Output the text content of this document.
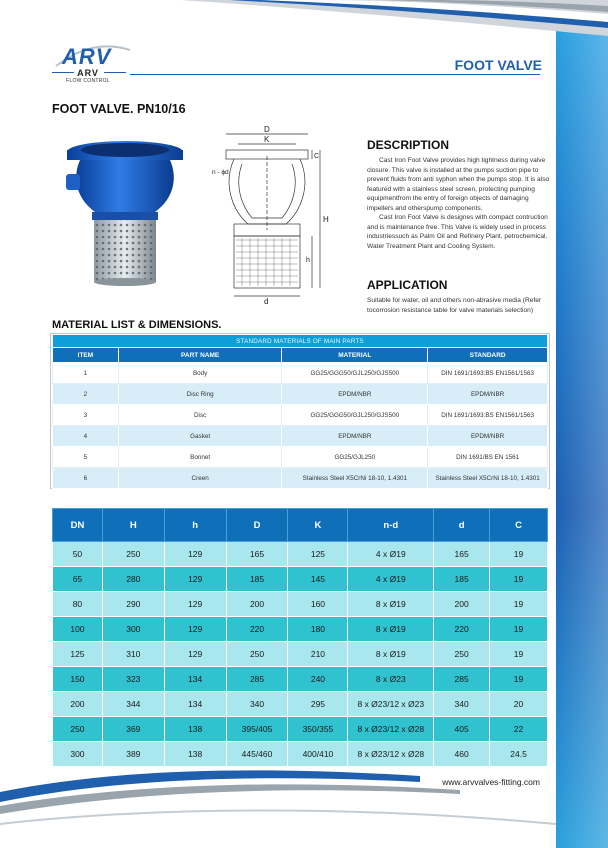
ARV
ARV
FLOW CONTROL
FOOT VALVE
FOOT VALVE. PN10/16
D
K
C
n - ϕd
H
h
d
DESCRIPTION

Cast Iron Foot Valve provides high tightness during valve closure. This valve is installed at the pumps suction pipe to prevent fluids from anti syphon when the pumps stop. It is also featured with a stainless steel screen, protecting pumping equipmentfrom the entry of foreign objects of damaging impellers and otherspump components.

Cast Iron Foot Valve is designes with compact contruction and is maintenance free. This Valve is widely used in process industriessuch as Palm Oil and Refinery Plant, petrochemical, Water Treatment Plant and Cooling System.

APPLICATION

Suitable for water, oil and others non-abrasive media (Refer tocorrosion resistance table for valve materials selection)

MATERIAL LIST & DIMENSIONS.
STANDARD MATERIALS OF MAIN PARTS			
ITEM	PART NAME	MATERIAL	STANDARD
1	Body	GG25/GGG50/GJL250/GJS500	DIN 1691/1693:BS EN1561/1563
2	Disc Ring	EPDM/NBR	EPDM/NBR
3	Disc	GG25/GGG50/GJL250/GJS500	DIN 1691/1693:BS EN1561/1563
4	Gasket	EPDM/NBR	EPDM/NBR
5	Bonnet	GG25/GJL250	DIN 1691/BS EN 1561
6	Creen	Stainless Steel X5CrNi 18-10, 1.4301	Stainless Steel X5CrNi 18-10, 1.4301
DN	H	h	D	K	n-d	d	C
50	250	129	165	125	4 x Ø19	165	19
65	280	129	185	145	4 x Ø19	185	19
80	290	129	200	160	8 x Ø19	200	19
100	300	129	220	180	8 x Ø19	220	19
125	310	129	250	210	8 x Ø19	250	19
150	323	134	285	240	8 x Ø23	285	19
200	344	134	340	295	8 x Ø23/12 x Ø23	340	20
250	369	138	395/405	350/355	8 x Ø23/12 x Ø28	405	22
300	389	138	445/460	400/410	8 x Ø23/12 x Ø28	460	24.5
www.arvvalves-fitting.com
